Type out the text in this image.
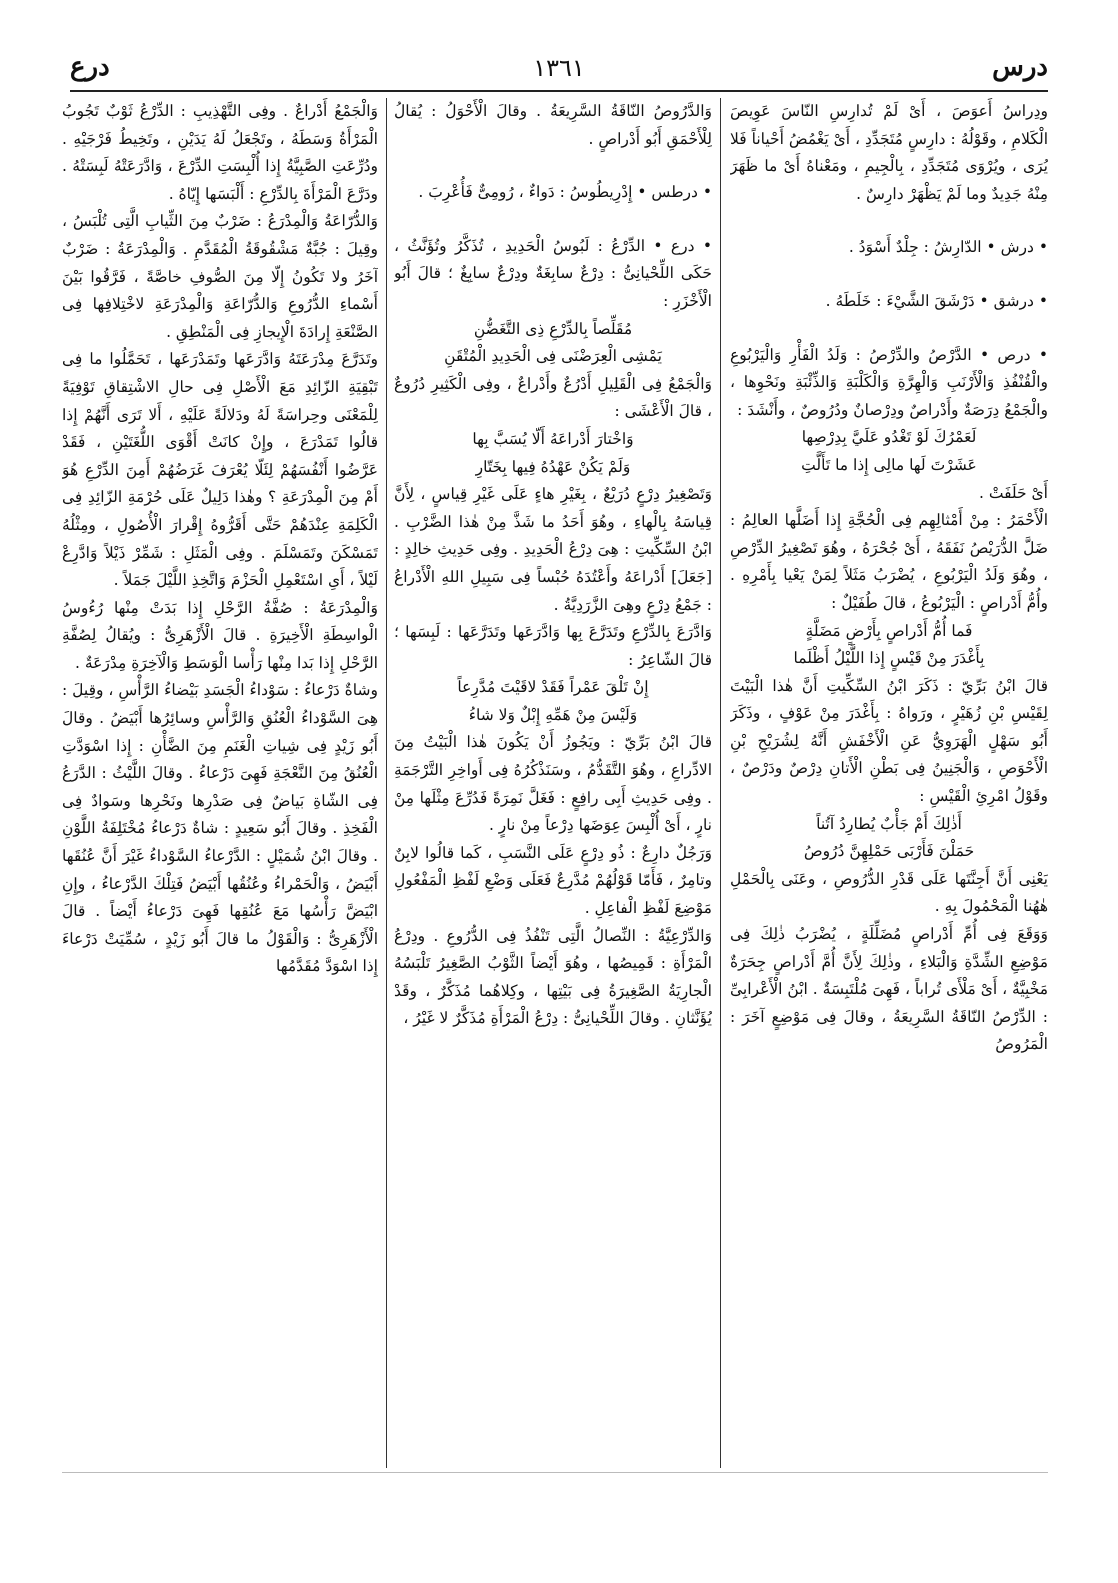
درس
١٣٦١
درع

ودِراسُ أَعوَصَ ، أَىْ لَمْ تُدارِسِ النّاسَ عَوِيصَ الْكَلامِ ، وقَوْلُهُ : دارِسٍ مُتَجَدِّدِ ، أَىْ يَغْمُضُ أَحْياناً فَلا يُرَى ، ويُرْوَى مُتَجَدِّدِ ، بِالْجِيمِ ، ومَعْناهُ أَىْ ما ظَهَرَ مِنْهُ جَدِيدٌ وما لَمْ يَظْهَرْ دارِسٌ .

• درش • الدّارِشُ : جِلْدٌ أَسْوَدُ .

• درشق • دَرْشَقَ الشَّيْءَ : خَلَطَهُ .

• درص • الدَّرْصُ والدِّرْصُ : وَلَدُ الْفَأْرِ وَالْيَرْبُوعِ والْقُنْفُذِ وَالْأَرْنَبِ وَالْهِرَّةِ وَالْكَلْبَةِ وَالذِّئْبَةِ ونَحْوِها ، والْجَمْعُ دِرَصَةٌ وأَدْراصٌ ودِرْصانٌ ودُرُوصٌ ، وأَنْشَدَ :

لَعَمْرُكَ لَوْ تَغْدُو عَلَيَّ بِدِرْصِها

عَشَرْتَ لَها مالِى إِذا ما تَأَلَّتِ

أَىْ حَلَفَتْ .

الْأَحْمَرُ : مِنْ أَمْثالِهِم فِى الْحُجَّةِ إِذا أَضَلَّها العالِمُ : ضَلَّ الدُّرَيْصُ نَفَقَهُ ، أَىْ جُحْرَهُ ، وهُوَ تَصْغِيرُ الدِّرْصِ ، وهُوَ وَلَدُ الْيَرْبُوعِ ، يُضْرَبُ مَثَلاً لِمَنْ يَعْيا بِأَمْرِهِ . وأُمُّ أَدْراصٍ : الْيَرْبُوعُ ، قالَ طُفَيْلٌ :

فَما أُمُّ أَدْراصٍ بِأَرْضٍ مَضَلَّةٍ

بِأَغْدَرَ مِنْ قَيْسٍ إِذا اللَّيْلُ أَظْلَما

قالَ ابْنُ بَرِّيّ : ذَكَرَ ابْنُ السِّكِّيتِ أَنَّ هٰذا الْبَيْتَ لِقَيْسِ بْنِ زُهَيْرٍ ، ورَواهُ : بِأَغْدَرَ مِنْ عَوْفٍ ، وذَكَرَ أَبُو سَهْلٍ الْهَرَوِيُّ عَنِ الْأَخْفَشِ أَنَّهُ لِشُرَيْحِ بْنِ الْأَحْوَصِ ، وَالْجَنِينُ فِى بَطْنِ الْأَتانِ دِرْصٌ ودَرْصٌ ، وقَوْلُ امْرِئِ الْقَيْسِ :

أَذٰلِكَ أَمْ جَأْبٌ يُطارِدُ آتُناً

حَمَلْنَ فَأَرْبَى حَمْلِهِنَّ دُرُوصُ

يَعْنِى أَنَّ أَجِنَّتَها عَلَى قَدْرِ الدُّرُوصِ ، وعَنَى بِالْحَمْلِ هٰهُنا الْمَحْمُولَ بِهِ .

وَوَقَعَ فِى أُمِّ أَدْراصٍ مُضَلِّلَةٍ ، يُضْرَبُ ذٰلِكَ فِى مَوْضِعِ الشِّدَّةِ وَالْبَلاءِ ، وذٰلِكَ لِأَنَّ أُمَّ أَدْراصٍ جِحَرَةٌ مَخْبِيَّةٌ ، أَىْ مَلْأَى تُراباً ، فَهِىَ مُلْتَبِسَةٌ . ابْنُ الْأَعْرابِىِّ : الدِّرْصُ النّاقَةُ السَّرِيعَةُ ، وقالَ فِى مَوْضِعٍ آخَرَ : الْمَرُوصُ

وَالدَّرُوصُ النّاقَةُ السَّرِيعَةُ . وقالَ الْأَحْوَلُ : يُقالُ لِلْأَحْمَقِ أَبُو أَدْراصٍ .

• درطس • إِدْرِيطُوسُ : دَواءٌ ، رُومِىٌّ فَأُعْرِبَ .

• درع • الدِّرْعُ : لَبُوسُ الْحَدِيدِ ، تُذَكَّرُ وتُؤَنَّثُ ، حَكَى اللِّحْيانِىُّ : دِرْعٌ سابِغَةٌ ودِرْعٌ سابِغٌ ؛ قالَ أَبُو الْأَخْزَرِ :

مُقَلِّصاً بِالدِّرْعِ ذِى التَّغَضُّنِ

يَمْشِى الْعِرَضْنَى فِى الْحَدِيدِ الْمُتْقَنِ

وَالْجَمْعُ فِى الْقَلِيلِ أَدْرُعٌ وأَدْراعٌ ، وفِى الْكَثِيرِ دُرُوعٌ ، قالَ الْأَعْشَى :

وَاخْتارَ أَدْراعَهُ أَلّا يُسَبَّ بِها

وَلَمْ يَكُنْ عَهْدُهُ فِيها بِخَتّارِ

وَتَصْغِيرُ دِرْعٍ دُرَيْعٌ ، بِغَيْرِ هاءٍ عَلَى غَيْرِ قِياسٍ ، لِأَنَّ قِياسَهُ بِالْهاءِ ، وهُوَ أَحَدُ ما شَذَّ مِنْ هٰذا الضَّرْبِ . ابْنُ السِّكِّيتِ : هِىَ دِرْعُ الْحَدِيدِ . وفِى حَدِيثِ خالِدٍ : [جَعَلَ] أَدْراعَهُ وأَعْتُدَهُ حُبْساً فِى سَبِيلِ اللهِ الْأَدْراعُ : جَمْعُ دِرْعٍ وهِىَ الزَّرَدِيَّةُ .

وَادَّرَعَ بِالدِّرْعِ وتَدَرَّعَ بِها وَادَّرَعَها وتَدَرَّعَها : لَبِسَها ؛ قالَ الشّاعِرُ :

إِنْ تَلْقَ عَمْراً فَقَدْ لاقَيْتَ مُدَّرِعاً

وَلَيْسَ مِنْ هَمِّهِ إِبْلٌ وَلا شاءُ

قالَ ابْنُ بَرِّيّ : ويَجُوزُ أَنْ يَكُونَ هٰذا الْبَيْتُ مِنَ الادِّراعِ ، وهُوَ التَّقَدُّمُ ، وسَنَذْكُرُهُ فِى أَواخِرِ التَّرْجَمَةِ . وفِى حَدِيثِ أَبِى رافِعٍ : فَغَلَّ نَمِرَةً فَدُرِّعَ مِثْلَها مِنْ نارٍ ، أَىْ أُلْبِسَ عِوَضَها دِرْعاً مِنْ نارٍ .

وَرَجُلٌ دارِعٌ : ذُو دِرْعٍ عَلَى النَّسَبِ ، كَما قالُوا لابِنٌ وتامِرٌ ، فَأَمّا قَوْلُهُمْ مُدَّرِعٌ فَعَلَى وَضْعِ لَفْظِ الْمَفْعُولِ مَوْضِعَ لَفْظِ الْفاعِلِ .

وَالدِّرْعِيَّةُ : النِّصالُ الَّتِى تَنْفُذُ فِى الدُّرُوعِ . ودِرْعُ الْمَرْأَةِ : قَمِيصُها ، وهُوَ أَيْضاً الثَّوْبُ الصَّغِيرُ تَلْبَسُهُ الْجارِيَةُ الصَّغِيرَةُ فِى بَيْتِها ، وكِلاهُما مُذَكَّرٌ ، وقَدْ يُؤَنَّثانِ . وقالَ اللِّحْيانِىُّ : دِرْعُ الْمَرْأَةِ مُذَكَّرٌ لا غَيْرُ ،

وَالْجَمْعُ أَدْراعٌ . وفِى التَّهْذِيبِ : الدِّرْعُ ثَوْبٌ تَجُوبُ الْمَرْأَةُ وَسَطَهُ ، وتَجْعَلُ لَهُ يَدَيْنِ ، وتَخِيطُ فَرْجَيْهِ . ودُرِّعَتِ الصَّبِيَّةُ إِذا أُلْبِسَتِ الدِّرْعَ ، وَادَّرَعَتْهُ لَبِسَتْهُ . ودَرَّعَ الْمَرْأَةَ بِالدِّرْعِ : أَلْبَسَها إِيّاهُ .

وَالدُّرّاعَةُ وَالْمِدْرَعُ : ضَرْبٌ مِنَ الثِّيابِ الَّتِى تُلْبَسُ ، وقِيلَ : جُبَّةٌ مَشْقُوقَةُ الْمُقَدَّمِ . وَالْمِدْرَعَةُ : ضَرْبٌ آخَرُ ولا تَكُونُ إِلّا مِنَ الصُّوفِ خاصَّةً ، فَرَّقُوا بَيْنَ أَسْماءِ الدُّرُوعِ وَالدُّرّاعَةِ وَالْمِدْرَعَةِ لاخْتِلافِها فِى الصَّنْعَةِ إِرادَةَ الْإِيجازِ فِى الْمَنْطِقِ .

وتَدَرَّعَ مِدْرَعَتَهُ وَادَّرَعَها وتَمَدْرَعَها ، تَحَمَّلُوا ما فِى تَبْقِيَةِ الزّائِدِ مَعَ الْأَصْلِ فِى حالِ الاشْتِقاقِ تَوْفِيَةً لِلْمَعْنَى وحِراسَةً لَهُ ودَلالَةً عَلَيْهِ ، أَلا تَرَى أَنَّهُمْ إِذا قالُوا تَمَدْرَعَ ، وإِنْ كانَتْ أَقْوَى اللُّغَتَيْنِ ، فَقَدْ عَرَّضُوا أَنْفُسَهُمْ لِئَلّا يُعْرَفَ غَرَضُهُمْ أَمِنَ الدِّرْعِ هُوَ أَمْ مِنَ الْمِدْرَعَةِ ؟ وهٰذا دَلِيلٌ عَلَى حُرْمَةِ الزّائِدِ فِى الْكَلِمَةِ عِنْدَهُمْ حَتَّى أَقَرُّوهُ إِقْرارَ الْأُصُولِ ، ومِثْلُهُ تَمَسْكَنَ وتَمَسْلَمَ . وفِى الْمَثَلِ : شَمِّرْ ذَيْلاً وَادَّرِعْ لَيْلاً ، أَىِ اسْتَعْمِلِ الْحَزْمَ وَاتَّخِذِ اللَّيْلَ جَمَلاً .

وَالْمِدْرَعَةُ : صُفَّةُ الرَّحْلِ إِذا بَدَتْ مِنْها رُءُوسُ الْواسِطَةِ الْأَخِيرَةِ . قالَ الْأَزْهَرِىُّ : ويُقالُ لِصُفَّةِ الرَّحْلِ إِذا بَدا مِنْها رَأْسا الْوَسَطِ وَالْآخِرَةِ مِدْرَعَةٌ .

وشاةٌ دَرْعاءُ : سَوْداءُ الْجَسَدِ بَيْضاءُ الرَّأْسِ ، وقِيلَ : هِىَ السَّوْداءُ الْعُنُقِ وَالرَّأْسِ وسائِرُها أَبْيَضُ . وقالَ أَبُو زَيْدٍ فِى شِياتِ الْغَنَمِ مِنَ الضَّأْنِ : إِذا اسْوَدَّتِ الْعُنُقُ مِنَ النَّعْجَةِ فَهِىَ دَرْعاءُ . وقالَ اللَّيْثُ : الدَّرَعُ فِى الشّاةِ بَياضٌ فِى صَدْرِها ونَحْرِها وسَوادٌ فِى الْفَخِذِ . وقالَ أَبُو سَعِيدٍ : شاةٌ دَرْعاءُ مُخْتَلِفَةُ اللَّوْنِ . وقالَ ابْنُ شُمَيْلٍ : الدَّرْعاءُ السَّوْداءُ غَيْرَ أَنَّ عُنُقَها أَبْيَضُ ، وَالْحَمْراءُ وعُنُقُها أَبْيَضُ فَتِلْكَ الدَّرْعاءُ ، وإِنِ ابْيَضَّ رَأْسُها مَعَ عُنُقِها فَهِىَ دَرْعاءُ أَيْضاً . قالَ الْأَزْهَرِىُّ : وَالْقَوْلُ ما قالَ أَبُو زَيْدٍ ، سُمِّيَتْ دَرْعاءَ إِذا اسْوَدَّ مُقَدَّمُها
